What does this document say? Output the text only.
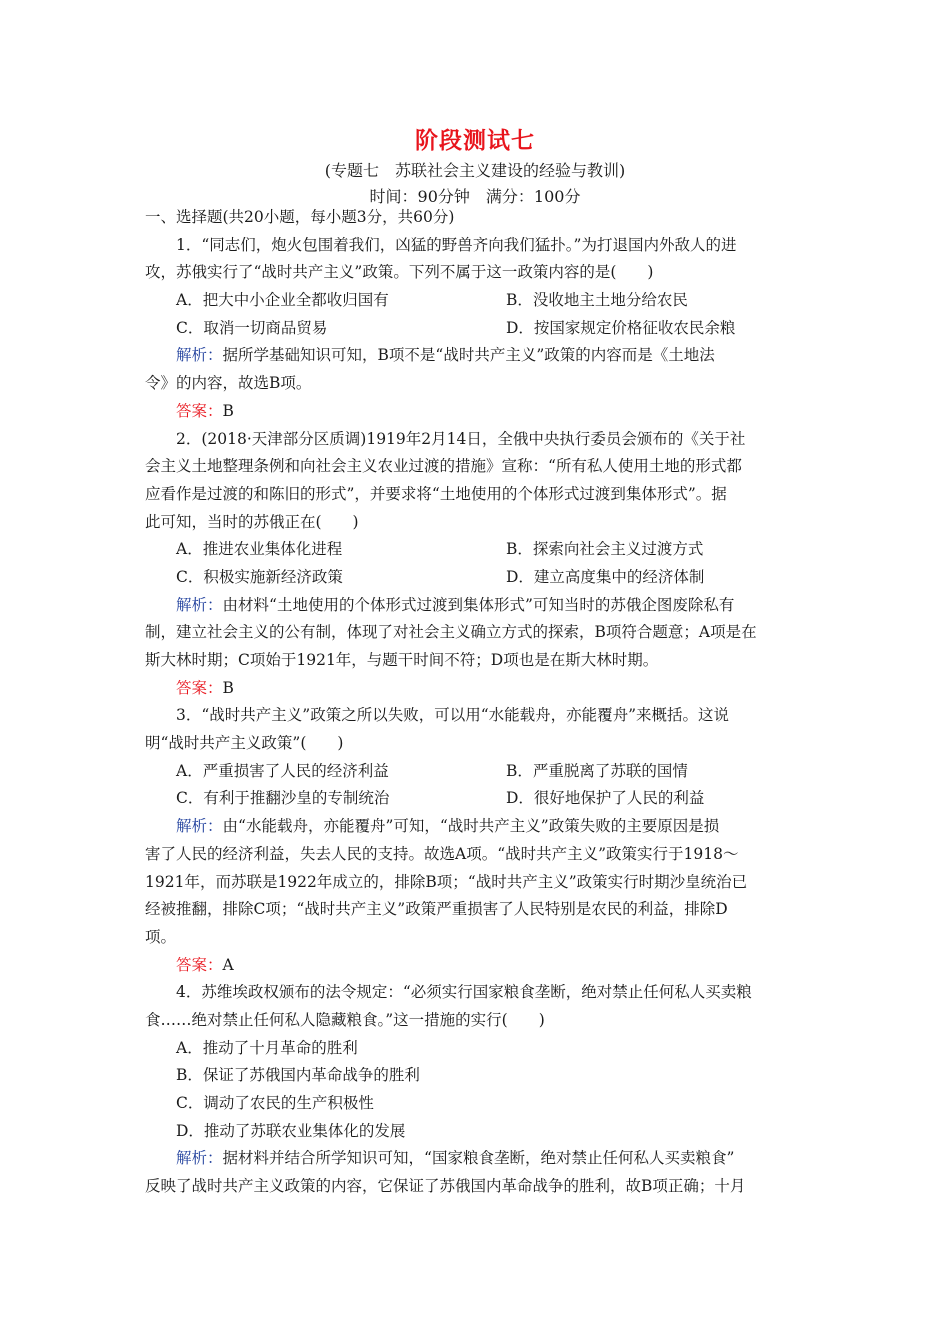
阶段测试七
(专题七　苏联社会主义建设的经验与教训)
时间：90分钟　满分：100分
一、选择题(共20小题，每小题3分，共60分)
1．“同志们，炮火包围着我们，凶猛的野兽齐向我们猛扑。”为打退国内外敌人的进
攻，苏俄实行了“战时共产主义”政策。下列不属于这一政策内容的是(　　)
A．把大中小企业全都收归国有	B．没收地主土地分给农民
C．取消一切商品贸易	D．按国家规定价格征收农民余粮
解析：据所学基础知识可知，B项不是“战时共产主义”政策的内容而是《土地法
令》的内容，故选B项。
答案：B
2．(2018·天津部分区质调)1919年2月14日，全俄中央执行委员会颁布的《关于社
会主义土地整理条例和向社会主义农业过渡的措施》宣称：“所有私人使用土地的形式都
应看作是过渡的和陈旧的形式”，并要求将“土地使用的个体形式过渡到集体形式”。据
此可知，当时的苏俄正在(　　)
A．推进农业集体化进程	B．探索向社会主义过渡方式
C．积极实施新经济政策	D．建立高度集中的经济体制
解析：由材料“土地使用的个体形式过渡到集体形式”可知当时的苏俄企图废除私有
制，建立社会主义的公有制，体现了对社会主义确立方式的探索，B项符合题意；A项是在
斯大林时期；C项始于1921年，与题干时间不符；D项也是在斯大林时期。
答案：B
3．“战时共产主义”政策之所以失败，可以用“水能载舟，亦能覆舟”来概括。这说
明“战时共产主义政策”(　　)
A．严重损害了人民的经济利益	B．严重脱离了苏联的国情
C．有利于推翻沙皇的专制统治	D．很好地保护了人民的利益
解析：由“水能载舟，亦能覆舟”可知，“战时共产主义”政策失败的主要原因是损
害了人民的经济利益，失去人民的支持。故选A项。“战时共产主义”政策实行于1918～
1921年，而苏联是1922年成立的，排除B项；“战时共产主义”政策实行时期沙皇统治已
经被推翻，排除C项；“战时共产主义”政策严重损害了人民特别是农民的利益，排除D
项。
答案：A
4．苏维埃政权颁布的法令规定：“必须实行国家粮食垄断，绝对禁止任何私人买卖粮
食……绝对禁止任何私人隐藏粮食。”这一措施的实行(　　)
A．推动了十月革命的胜利
B．保证了苏俄国内革命战争的胜利
C．调动了农民的生产积极性
D．推动了苏联农业集体化的发展
解析：据材料并结合所学知识可知，“国家粮食垄断，绝对禁止任何私人买卖粮食”
反映了战时共产主义政策的内容，它保证了苏俄国内革命战争的胜利，故B项正确；十月
